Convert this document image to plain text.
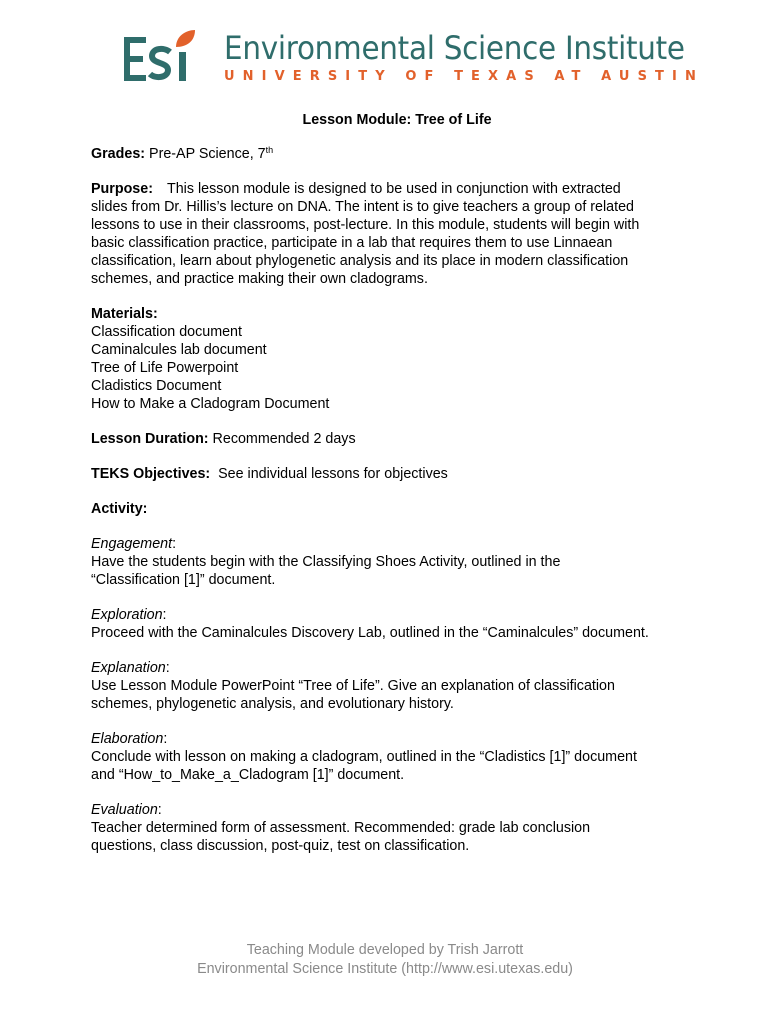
Environmental Science Institute
UNIVERSITY OF TEXAS AT AUSTIN

Lesson Module: Tree of Life

Grades: Pre-AP Science, 7th

Purpose: This lesson module is designed to be used in conjunction with extracted

slides from Dr. Hillis’s lecture on DNA. The intent is to give teachers a group of related

lessons to use in their classrooms, post-lecture. In this module, students will begin with

basic classification practice, participate in a lab that requires them to use Linnaean

classification, learn about phylogenetic analysis and its place in modern classification

schemes, and practice making their own cladograms.

Materials:

Classification document

Caminalcules lab document

Tree of Life Powerpoint

Cladistics Document

How to Make a Cladogram Document

Lesson Duration: Recommended 2 days

TEKS Objectives: See individual lessons for objectives

Activity:

Engagement:

Have the students begin with the Classifying Shoes Activity, outlined in the

“Classification [1]” document.

Exploration:

Proceed with the Caminalcules Discovery Lab, outlined in the “Caminalcules” document.

Explanation:

Use Lesson Module PowerPoint “Tree of Life”. Give an explanation of classification

schemes, phylogenetic analysis, and evolutionary history.

Elaboration:

Conclude with lesson on making a cladogram, outlined in the “Cladistics [1]” document

and “How_to_Make_a_Cladogram [1]” document.

Evaluation:

Teacher determined form of assessment. Recommended: grade lab conclusion

questions, class discussion, post-quiz, test on classification.

Teaching Module developed by Trish Jarrott
Environmental Science Institute (http://www.esi.utexas.edu)
